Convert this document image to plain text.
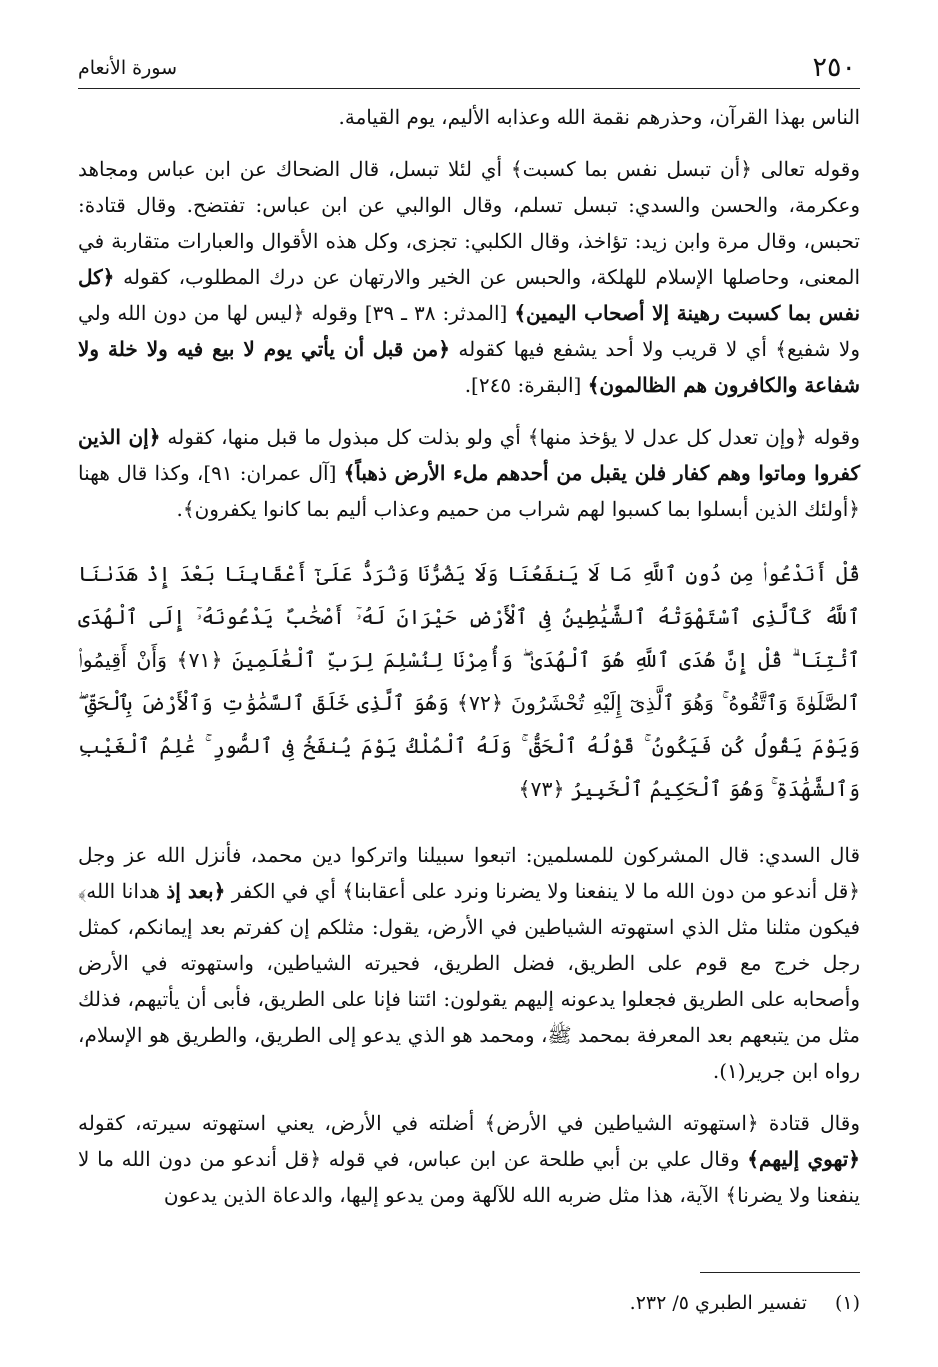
٢٥٠
سورة الأنعام
الناس بهذا القرآن، وحذرهم نقمة الله وعذابه الأليم، يوم القيامة.
وقوله تعالى ﴿أن تبسل نفس بما كسبت﴾ أي لئلا تبسل، قال الضحاك عن ابن عباس ومجاهد وعكرمة، والحسن والسدي: تبسل تسلم، وقال الوالبي عن ابن عباس: تفتضح. وقال قتادة: تحبس، وقال مرة وابن زيد: تؤاخذ، وقال الكلبي: تجزى، وكل هذه الأقوال والعبارات متقاربة في المعنى، وحاصلها الإسلام للهلكة، والحبس عن الخير والارتهان عن درك المطلوب، كقوله ﴿كل نفس بما كسبت رهينة إلا أصحاب اليمين﴾ [المدثر: ٣٨ ـ ٣٩] وقوله ﴿ليس لها من دون الله ولي ولا شفيع﴾ أي لا قريب ولا أحد يشفع فيها كقوله ﴿من قبل أن يأتي يوم لا بيع فيه ولا خلة ولا شفاعة والكافرون هم الظالمون﴾ [البقرة: ٢٤٥].
وقوله ﴿وإن تعدل كل عدل لا يؤخذ منها﴾ أي ولو بذلت كل مبذول ما قبل منها، كقوله ﴿إن الذين كفروا وماتوا وهم كفار فلن يقبل من أحدهم ملء الأرض ذهباً﴾ [آل عمران: ٩١]، وكذا قال ههنا ﴿أولئك الذين أبسلوا بما كسبوا لهم شراب من حميم وعذاب أليم بما كانوا يكفرون﴾.
قُلْ أَنَدْعُوا۟ مِن دُونِ ٱللَّهِ مَا لَا يَنفَعُنَا وَلَا يَضُرُّنَا وَنُرَدُّ عَلَىٰٓ أَعْقَابِنَا بَعْدَ إِذْ هَدَىٰنَا ٱللَّهُ كَٱلَّذِى ٱسْتَهْوَتْهُ ٱلشَّيَٰطِينُ فِى ٱلْأَرْضِ حَيْرَانَ لَهُۥٓ أَصْحَٰبٌ يَدْعُونَهُۥٓ إِلَى ٱلْهُدَى ٱئْتِنَا ۗ قُلْ إِنَّ هُدَى ٱللَّهِ هُوَ ٱلْهُدَىٰ ۖ وَأُمِرْنَا لِنُسْلِمَ لِرَبِّ ٱلْعَٰلَمِينَ ﴿٧١﴾ وَأَنْ أَقِيمُوا۟ ٱلصَّلَوٰةَ وَٱتَّقُوهُ ۚ وَهُوَ ٱلَّذِىٓ إِلَيْهِ تُحْشَرُونَ ﴿٧٢﴾ وَهُوَ ٱلَّذِى خَلَقَ ٱلسَّمَٰوَٰتِ وَٱلْأَرْضَ بِٱلْحَقِّ ۖ وَيَوْمَ يَقُولُ كُن فَيَكُونُ ۚ قَوْلُهُ ٱلْحَقُّ ۚ وَلَهُ ٱلْمُلْكُ يَوْمَ يُنفَخُ فِى ٱلصُّورِ ۚ عَٰلِمُ ٱلْغَيْبِ وَٱلشَّهَٰدَةِ ۚ وَهُوَ ٱلْحَكِيمُ ٱلْخَبِيرُ ﴿٧٣﴾
قال السدي: قال المشركون للمسلمين: اتبعوا سبيلنا واتركوا دين محمد، فأنزل الله عز وجل ﴿قل أندعو من دون الله ما لا ينفعنا ولا يضرنا ونرد على أعقابنا﴾ أي في الكفر ﴿بعد إذ هدانا الله﴾ فيكون مثلنا مثل الذي استهوته الشياطين في الأرض، يقول: مثلكم إن كفرتم بعد إيمانكم، كمثل رجل خرج مع قوم على الطريق، فضل الطريق، فحيرته الشياطين، واستهوته في الأرض وأصحابه على الطريق فجعلوا يدعونه إليهم يقولون: ائتنا فإنا على الطريق، فأبى أن يأتيهم، فذلك مثل من يتبعهم بعد المعرفة بمحمد ﷺ، ومحمد هو الذي يدعو إلى الطريق، والطريق هو الإسلام، رواه ابن جرير(١).
وقال قتادة ﴿استهوته الشياطين في الأرض﴾ أضلته في الأرض، يعني استهوته سيرته، كقوله ﴿تهوي إليهم﴾ وقال علي بن أبي طلحة عن ابن عباس، في قوله ﴿قل أندعو من دون الله ما لا ينفعنا ولا يضرنا﴾ الآية، هذا مثل ضربه الله للآلهة ومن يدعو إليها، والدعاة الذين يدعون
(١) تفسير الطبري ٥/ ٢٣٢.
